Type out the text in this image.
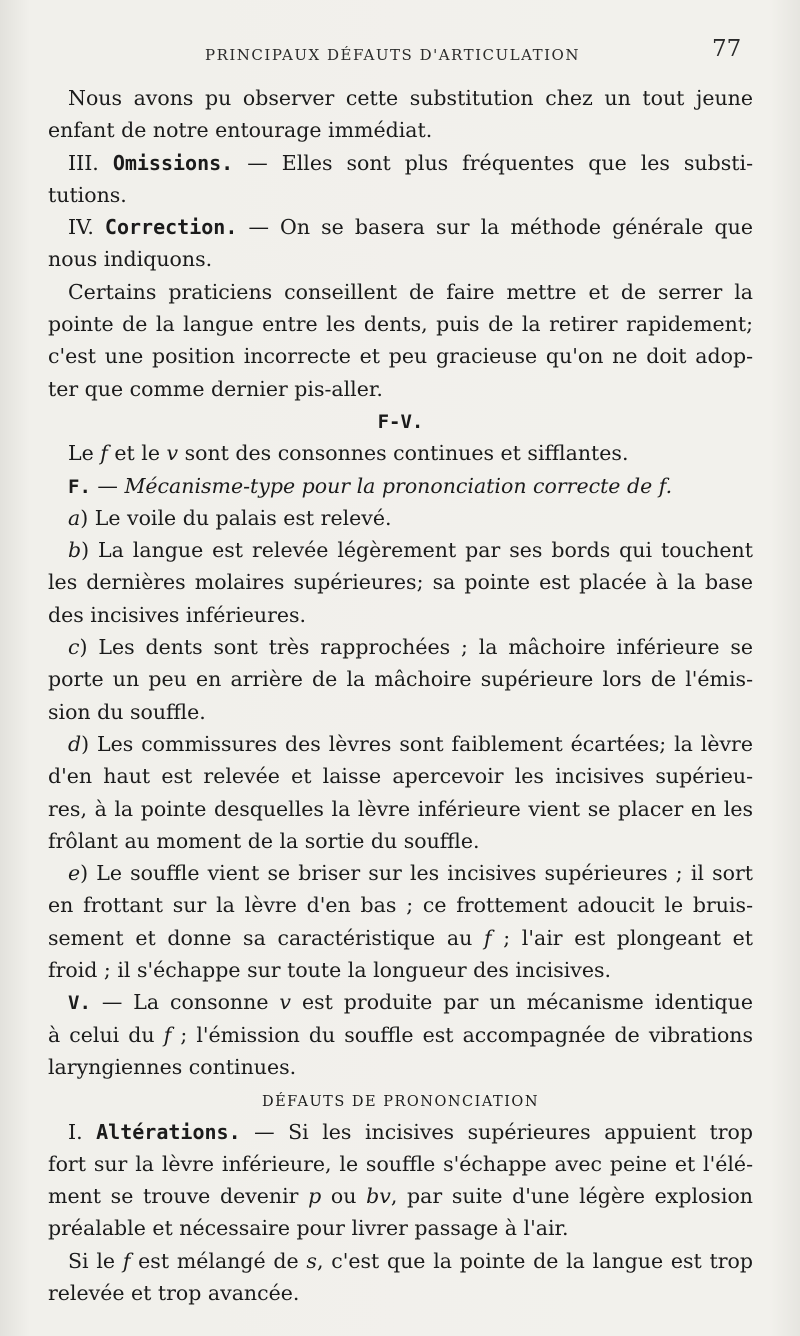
PRINCIPAUX DÉFAUTS D'ARTICULATION	77
Nous avons pu observer cette substitution chez un tout jeune
enfant de notre entourage immédiat.
III. Omissions. — Elles sont plus fréquentes que les substi-
tutions.
IV. Correction. — On se basera sur la méthode générale que
nous indiquons.
Certains praticiens conseillent de faire mettre et de serrer la
pointe de la langue entre les dents, puis de la retirer rapidement;
c'est une position incorrecte et peu gracieuse qu'on ne doit adop-
ter que comme dernier pis-aller.
F-V.
Le f et le v sont des consonnes continues et sifflantes.
F. — Mécanisme-type pour la prononciation correcte de f.
a) Le voile du palais est relevé.
b) La langue est relevée légèrement par ses bords qui touchent
les dernières molaires supérieures; sa pointe est placée à la base
des incisives inférieures.
c) Les dents sont très rapprochées ; la mâchoire inférieure se
porte un peu en arrière de la mâchoire supérieure lors de l'émis-
sion du souffle.
d) Les commissures des lèvres sont faiblement écartées; la lèvre
d'en haut est relevée et laisse apercevoir les incisives supérieu-
res, à la pointe desquelles la lèvre inférieure vient se placer en les
frôlant au moment de la sortie du souffle.
e) Le souffle vient se briser sur les incisives supérieures ; il sort
en frottant sur la lèvre d'en bas ; ce frottement adoucit le bruis-
sement et donne sa caractéristique au f ; l'air est plongeant et
froid ; il s'échappe sur toute la longueur des incisives.
V. — La consonne v est produite par un mécanisme identique
à celui du f ; l'émission du souffle est accompagnée de vibrations
laryngiennes continues.
DÉFAUTS DE PRONONCIATION
I. Altérations. — Si les incisives supérieures appuient trop
fort sur la lèvre inférieure, le souffle s'échappe avec peine et l'élé-
ment se trouve devenir p ou bv, par suite d'une légère explosion
préalable et nécessaire pour livrer passage à l'air.
Si le f est mélangé de s, c'est que la pointe de la langue est trop
relevée et trop avancée.
